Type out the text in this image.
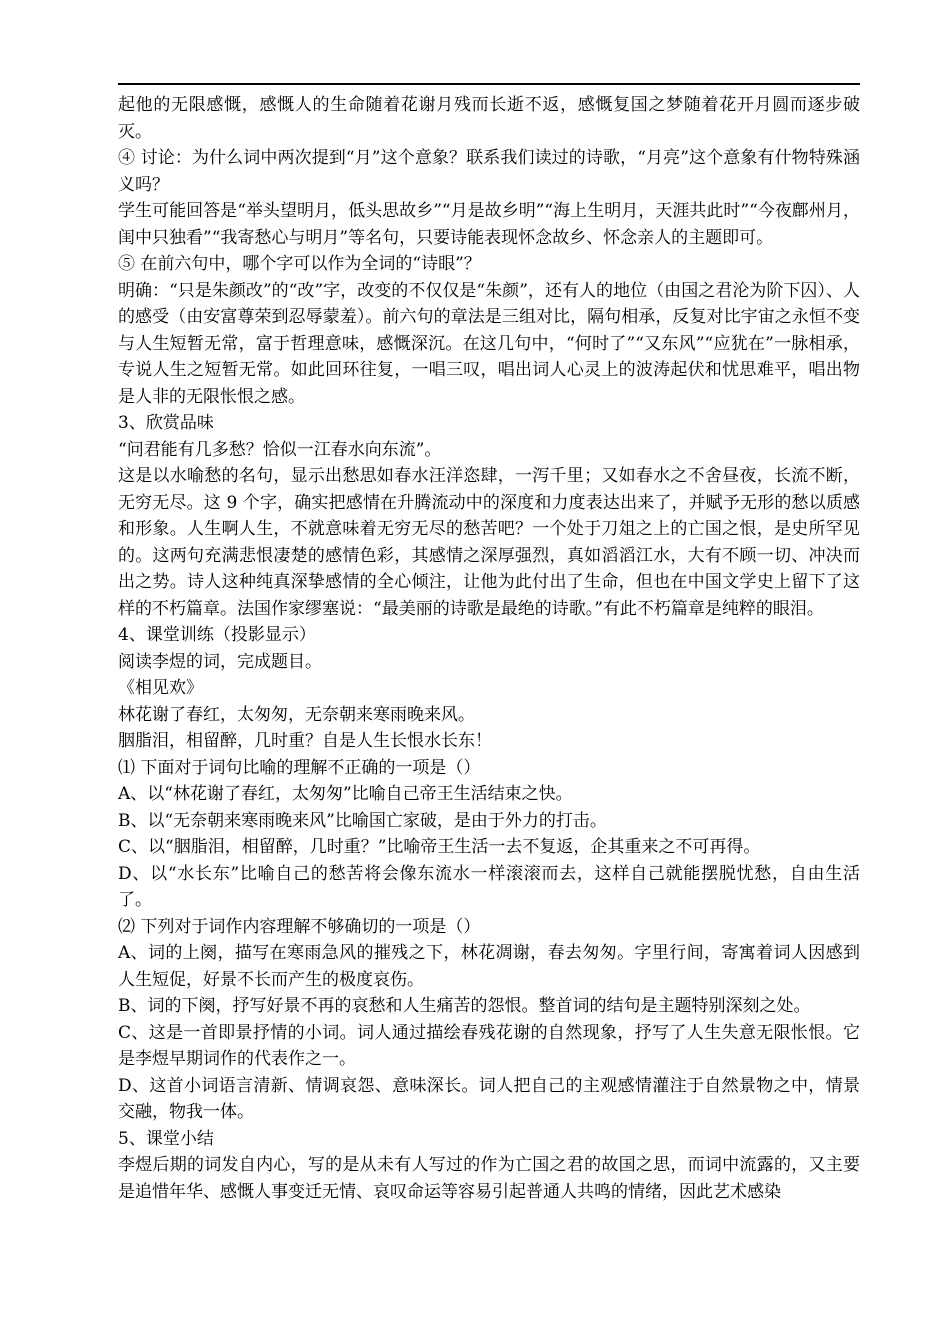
起他的无限感慨，感慨人的生命随着花谢月残而长逝不返，感慨复国之梦随着花开月圆而逐步破灭。

④ 讨论：为什么词中两次提到“月”这个意象？联系我们读过的诗歌，“月亮”这个意象有什物特殊涵义吗？

学生可能回答是“举头望明月，低头思故乡”“月是故乡明”“海上生明月，天涯共此时”“今夜鄜州月，闺中只独看”“我寄愁心与明月”等名句，只要诗能表现怀念故乡、怀念亲人的主题即可。

⑤ 在前六句中，哪个字可以作为全词的“诗眼”？

明确：“只是朱颜改”的“改”字，改变的不仅仅是“朱颜”，还有人的地位（由国之君沦为阶下囚）、人的感受（由安富尊荣到忍辱蒙羞）。前六句的章法是三组对比，隔句相承，反复对比宇宙之永恒不变与人生短暂无常，富于哲理意味，感慨深沉。在这几句中，“何时了”“又东风”“应犹在”一脉相承，专说人生之短暂无常。如此回环往复，一唱三叹，唱出词人心灵上的波涛起伏和忧思难平，唱出物是人非的无限怅恨之感。

3、欣赏品味

“问君能有几多愁？恰似一江春水向东流”。

这是以水喻愁的名句，显示出愁思如春水汪洋恣肆，一泻千里；又如春水之不舍昼夜，长流不断，无穷无尽。这 9 个字，确实把感情在升腾流动中的深度和力度表达出来了，并赋予无形的愁以质感和形象。人生啊人生，不就意味着无穷无尽的愁苦吧？一个处于刀俎之上的亡国之恨，是史所罕见的。这两句充满悲恨凄楚的感情色彩，其感情之深厚强烈，真如滔滔江水，大有不顾一切、冲决而出之势。诗人这种纯真深挚感情的全心倾注，让他为此付出了生命，但也在中国文学史上留下了这样的不朽篇章。法国作家缪塞说：“最美丽的诗歌是最绝的诗歌。”有此不朽篇章是纯粹的眼泪。

4、课堂训练（投影显示）

阅读李煜的词，完成题目。

《相见欢》

林花谢了春红，太匆匆，无奈朝来寒雨晚来风。

胭脂泪，相留醉，几时重？自是人生长恨水长东！

⑴ 下面对于词句比喻的理解不正确的一项是（）

A、以“林花谢了春红，太匆匆”比喻自己帝王生活结束之快。

B、以“无奈朝来寒雨晚来风”比喻国亡家破，是由于外力的打击。

C、以“胭脂泪，相留醉，几时重？”比喻帝王生活一去不复返，企其重来之不可再得。

D、以“水长东”比喻自己的愁苦将会像东流水一样滚滚而去，这样自己就能摆脱忧愁，自由生活了。

⑵ 下列对于词作内容理解不够确切的一项是（）

A、词的上阕，描写在寒雨急风的摧残之下，林花凋谢，春去匆匆。字里行间，寄寓着词人因感到人生短促，好景不长而产生的极度哀伤。

B、词的下阕，抒写好景不再的哀愁和人生痛苦的怨恨。整首词的结句是主题特别深刻之处。

C、这是一首即景抒情的小词。词人通过描绘春残花谢的自然现象，抒写了人生失意无限怅恨。它是李煜早期词作的代表作之一。

D、这首小词语言清新、情调哀怨、意味深长。词人把自己的主观感情灌注于自然景物之中，情景交融，物我一体。

5、课堂小结

李煜后期的词发自内心，写的是从未有人写过的作为亡国之君的故国之思，而词中流露的，又主要是追惜年华、感慨人事变迁无情、哀叹命运等容易引起普通人共鸣的情绪，因此艺术感染
